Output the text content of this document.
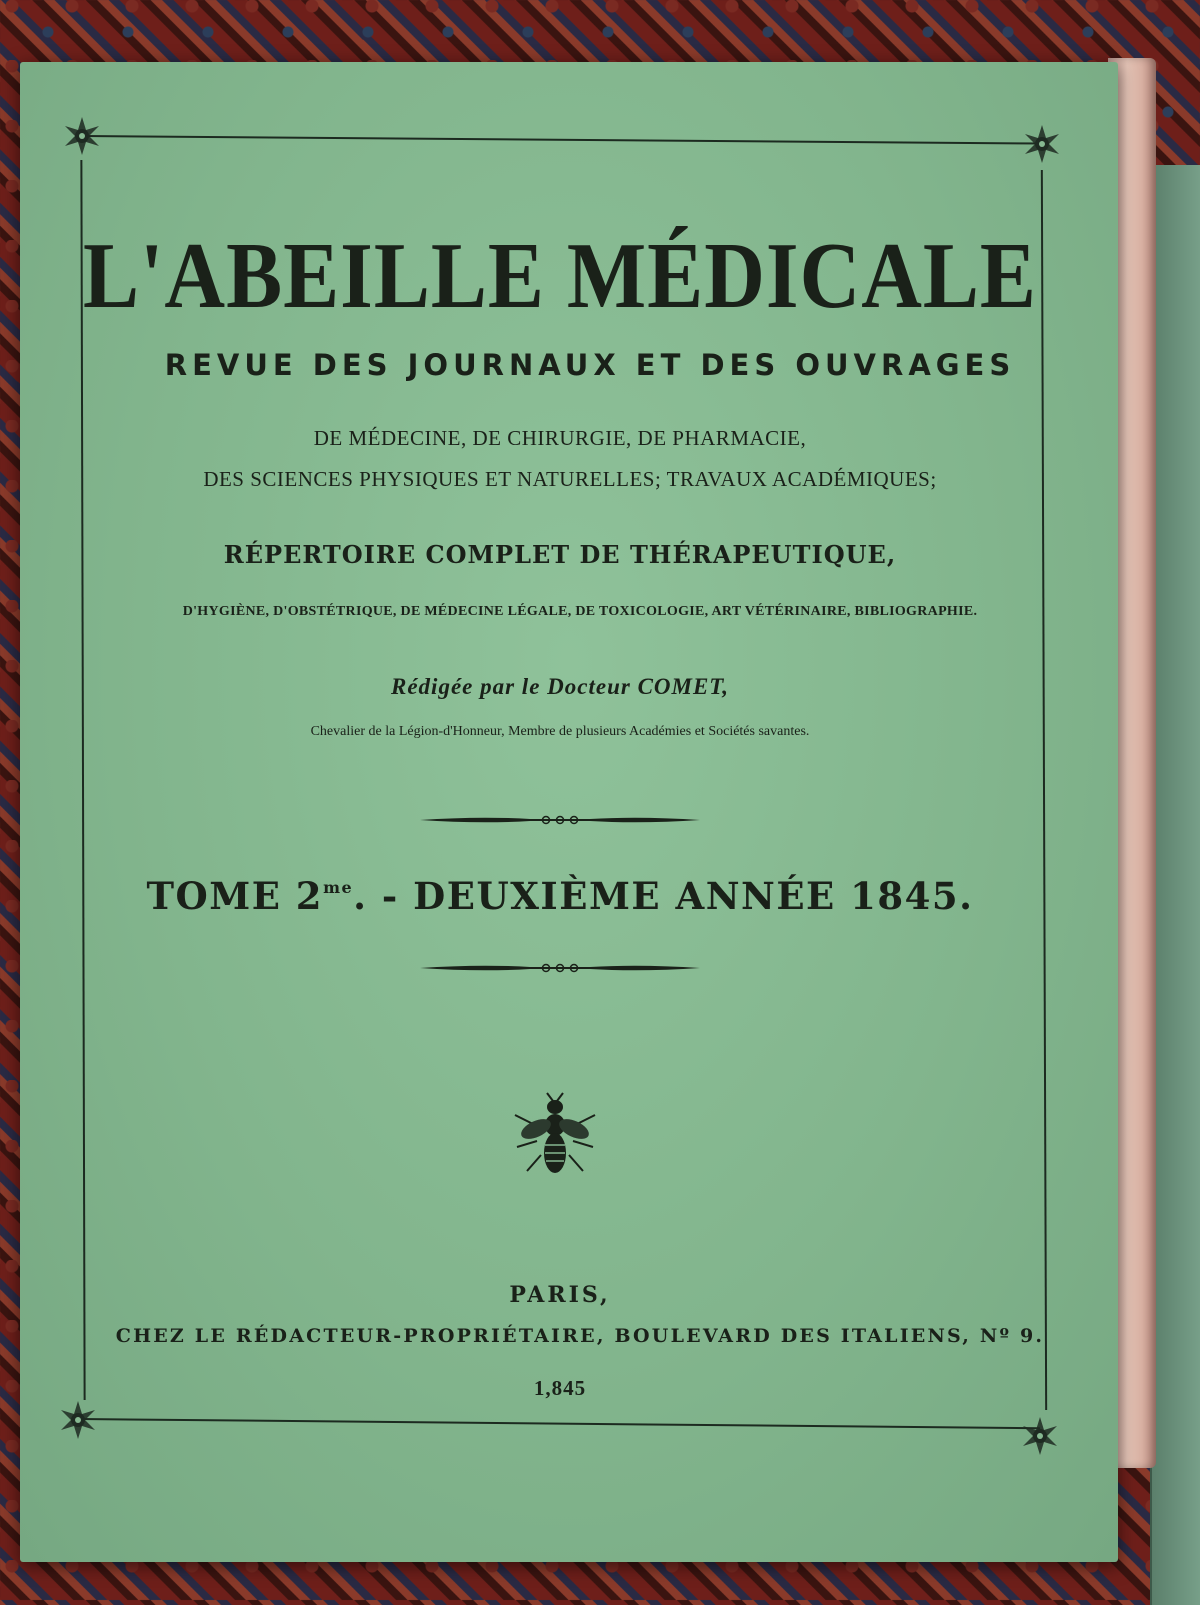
L'ABEILLE MÉDICALE
REVUE DES JOURNAUX ET DES OUVRAGES
DE MÉDECINE, DE CHIRURGIE, DE PHARMACIE,
DES SCIENCES PHYSIQUES ET NATURELLES; TRAVAUX ACADÉMIQUES;
RÉPERTOIRE COMPLET DE THÉRAPEUTIQUE,
D'HYGIÈNE, D'OBSTÉTRIQUE, DE MÉDECINE LÉGALE, DE TOXICOLOGIE, ART VÉTÉRINAIRE, BIBLIOGRAPHIE.
Rédigée par le Docteur COMET,
Chevalier de la Légion-d'Honneur, Membre de plusieurs Académies et Sociétés savantes.
TOME $2^{me}$. - DEUXIÈME ANNÉE 1845.
PARIS,
CHEZ LE RÉDACTEUR-PROPRIÉTAIRE, BOULEVARD DES ITALIENS, Nº 9.
1,845
